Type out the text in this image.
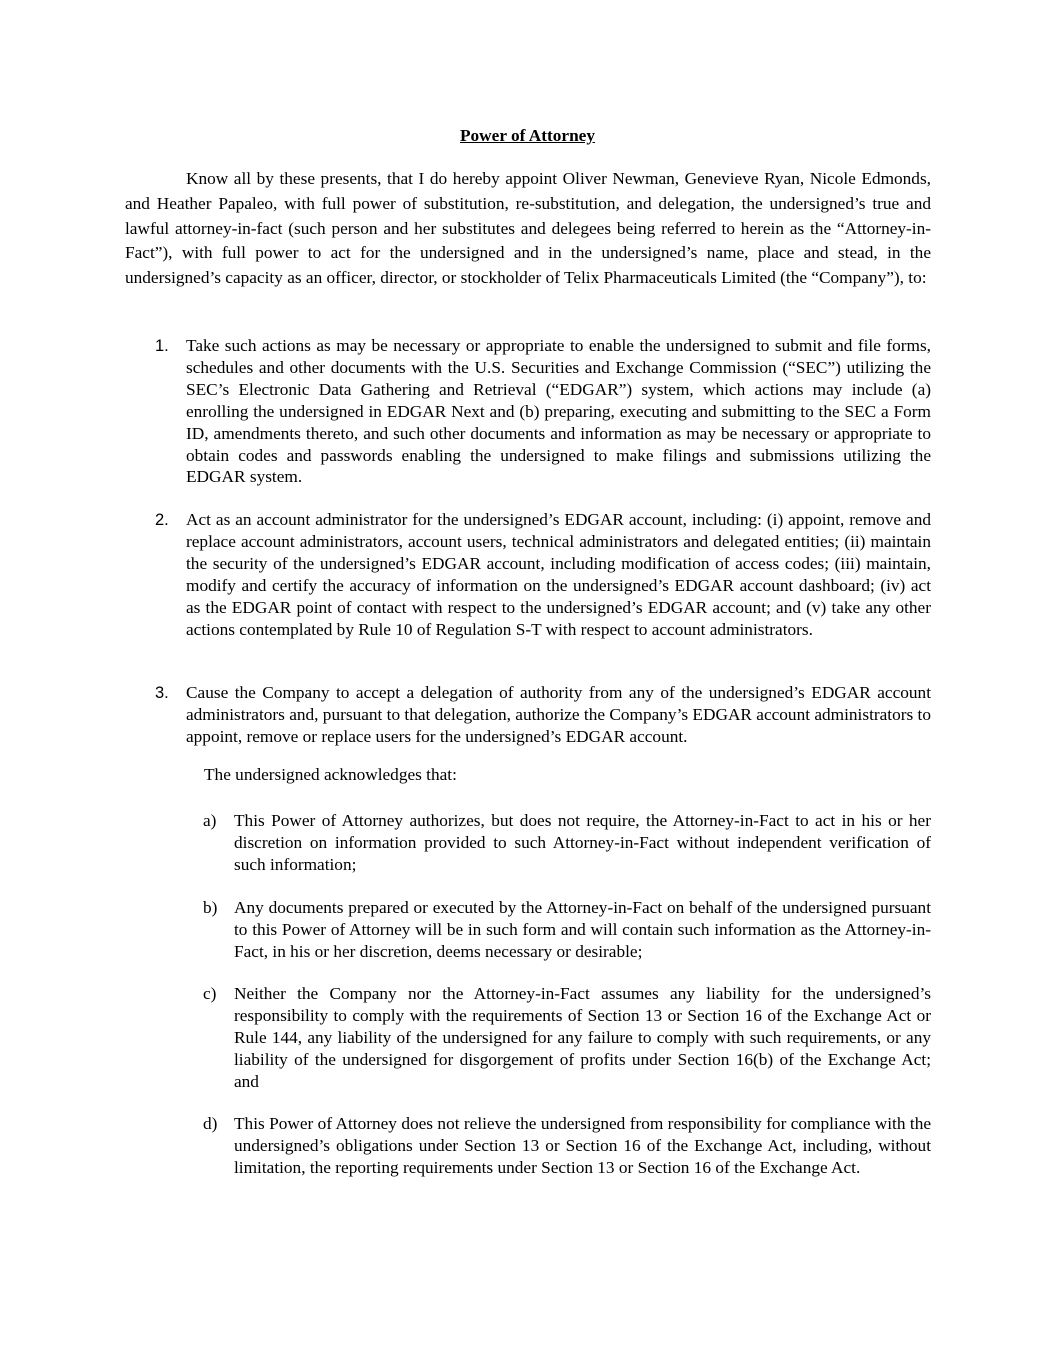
Power of Attorney

Know all by these presents, that I do hereby appoint Oliver Newman, Genevieve Ryan, Nicole Edmonds, and Heather Papaleo, with full power of substitution, re-substitution, and delegation, the undersigned’s true and lawful attorney-in-fact (such person and her substitutes and delegees being referred to herein as the “Attorney-in-Fact”), with full power to act for the undersigned and in the undersigned’s name, place and stead, in the undersigned’s capacity as an officer, director, or stockholder of Telix Pharmaceuticals Limited (the “Company”), to:

1. Take such actions as may be necessary or appropriate to enable the undersigned to submit and file forms, schedules and other documents with the U.S. Securities and Exchange Commission (“SEC”) utilizing the SEC’s Electronic Data Gathering and Retrieval (“EDGAR”) system, which actions may include (a) enrolling the undersigned in EDGAR Next and (b) preparing, executing and submitting to the SEC a Form ID, amendments thereto, and such other documents and information as may be necessary or appropriate to obtain codes and passwords enabling the undersigned to make filings and submissions utilizing the EDGAR system.
2. Act as an account administrator for the undersigned’s EDGAR account, including: (i) appoint, remove and replace account administrators, account users, technical administrators and delegated entities; (ii) maintain the security of the undersigned’s EDGAR account, including modification of access codes; (iii) maintain, modify and certify the accuracy of information on the undersigned’s EDGAR account dashboard; (iv) act as the EDGAR point of contact with respect to the undersigned’s EDGAR account; and (v) take any other actions contemplated by Rule 10 of Regulation S-T with respect to account administrators.
3. Cause the Company to accept a delegation of authority from any of the undersigned’s EDGAR account administrators and, pursuant to that delegation, authorize the Company’s EDGAR account administrators to appoint, remove or replace users for the undersigned’s EDGAR account.
The undersigned acknowledges that:
a) This Power of Attorney authorizes, but does not require, the Attorney-in-Fact to act in his or her discretion on information provided to such Attorney-in-Fact without independent verification of such information;
b) Any documents prepared or executed by the Attorney-in-Fact on behalf of the undersigned pursuant to this Power of Attorney will be in such form and will contain such information as the Attorney-in-Fact, in his or her discretion, deems necessary or desirable;
c) Neither the Company nor the Attorney-in-Fact assumes any liability for the undersigned’s responsibility to comply with the requirements of Section 13 or Section 16 of the Exchange Act or Rule 144, any liability of the undersigned for any failure to comply with such requirements, or any liability of the undersigned for disgorgement of profits under Section 16(b) of the Exchange Act; and
d) This Power of Attorney does not relieve the undersigned from responsibility for compliance with the undersigned’s obligations under Section 13 or Section 16 of the Exchange Act, including, without limitation, the reporting requirements under Section 13 or Section 16 of the Exchange Act.
